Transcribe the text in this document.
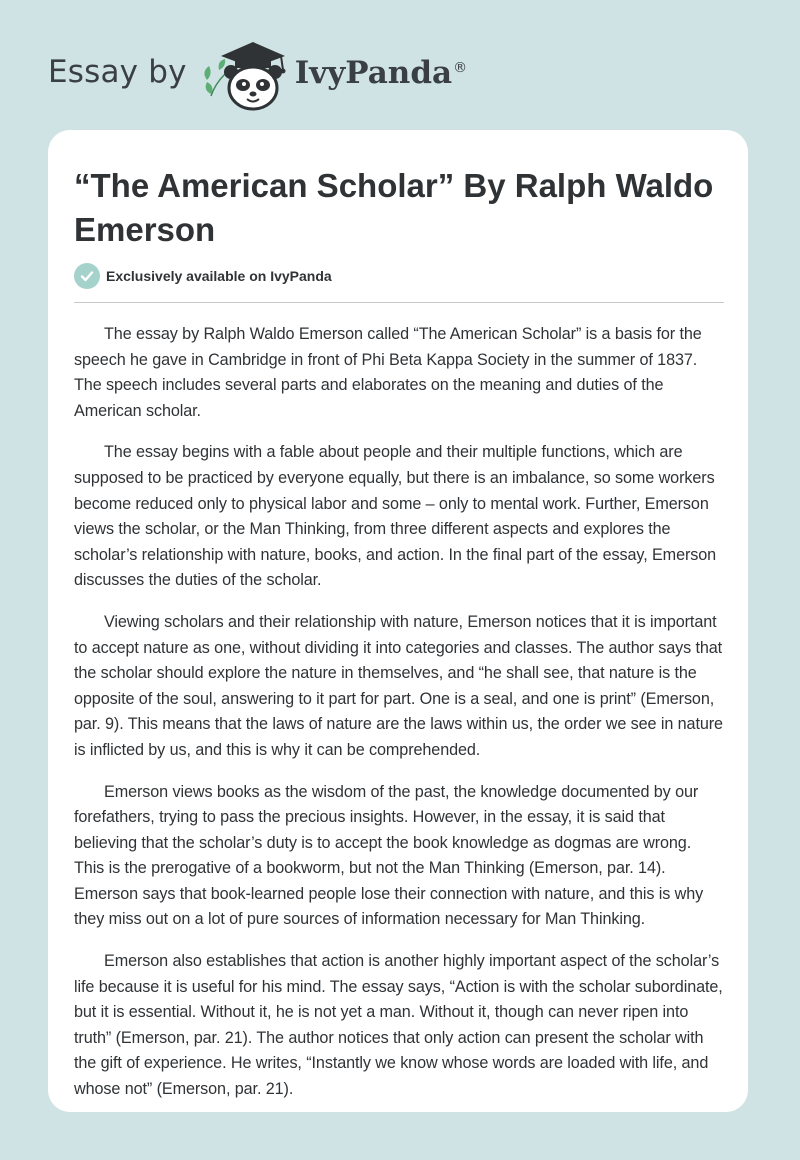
Essay by	IvyPanda®
“The American Scholar” By Ralph Waldo Emerson
Exclusively available on IvyPanda

The essay by Ralph Waldo Emerson called “The American Scholar” is a basis for the speech he gave in Cambridge in front of Phi Beta Kappa Society in the summer of 1837. The speech includes several parts and elaborates on the meaning and duties of the American scholar.

The essay begins with a fable about people and their multiple functions, which are supposed to be practiced by everyone equally, but there is an imbalance, so some workers become reduced only to physical labor and some – only to mental work. Further, Emerson views the scholar, or the Man Thinking, from three different aspects and explores the scholar’s relationship with nature, books, and action. In the final part of the essay, Emerson discusses the duties of the scholar.

Viewing scholars and their relationship with nature, Emerson notices that it is important to accept nature as one, without dividing it into categories and classes. The author says that the scholar should explore the nature in themselves, and “he shall see, that nature is the opposite of the soul, answering to it part for part. One is a seal, and one is print” (Emerson, par. 9). This means that the laws of nature are the laws within us, the order we see in nature is inflicted by us, and this is why it can be comprehended.

Emerson views books as the wisdom of the past, the knowledge documented by our forefathers, trying to pass the precious insights. However, in the essay, it is said that believing that the scholar’s duty is to accept the book knowledge as dogmas are wrong. This is the prerogative of a bookworm, but not the Man Thinking (Emerson, par. 14). Emerson says that book-learned people lose their connection with nature, and this is why they miss out on a lot of pure sources of information necessary for Man Thinking.

Emerson also establishes that action is another highly important aspect of the scholar’s life because it is useful for his mind. The essay says, “Action is with the scholar subordinate, but it is essential. Without it, he is not yet a man. Without it, though can never ripen into truth” (Emerson, par. 21). The author notices that only action can present the scholar with the gift of experience. He writes, “Instantly we know whose words are loaded with life, and whose not” (Emerson, par. 21).
